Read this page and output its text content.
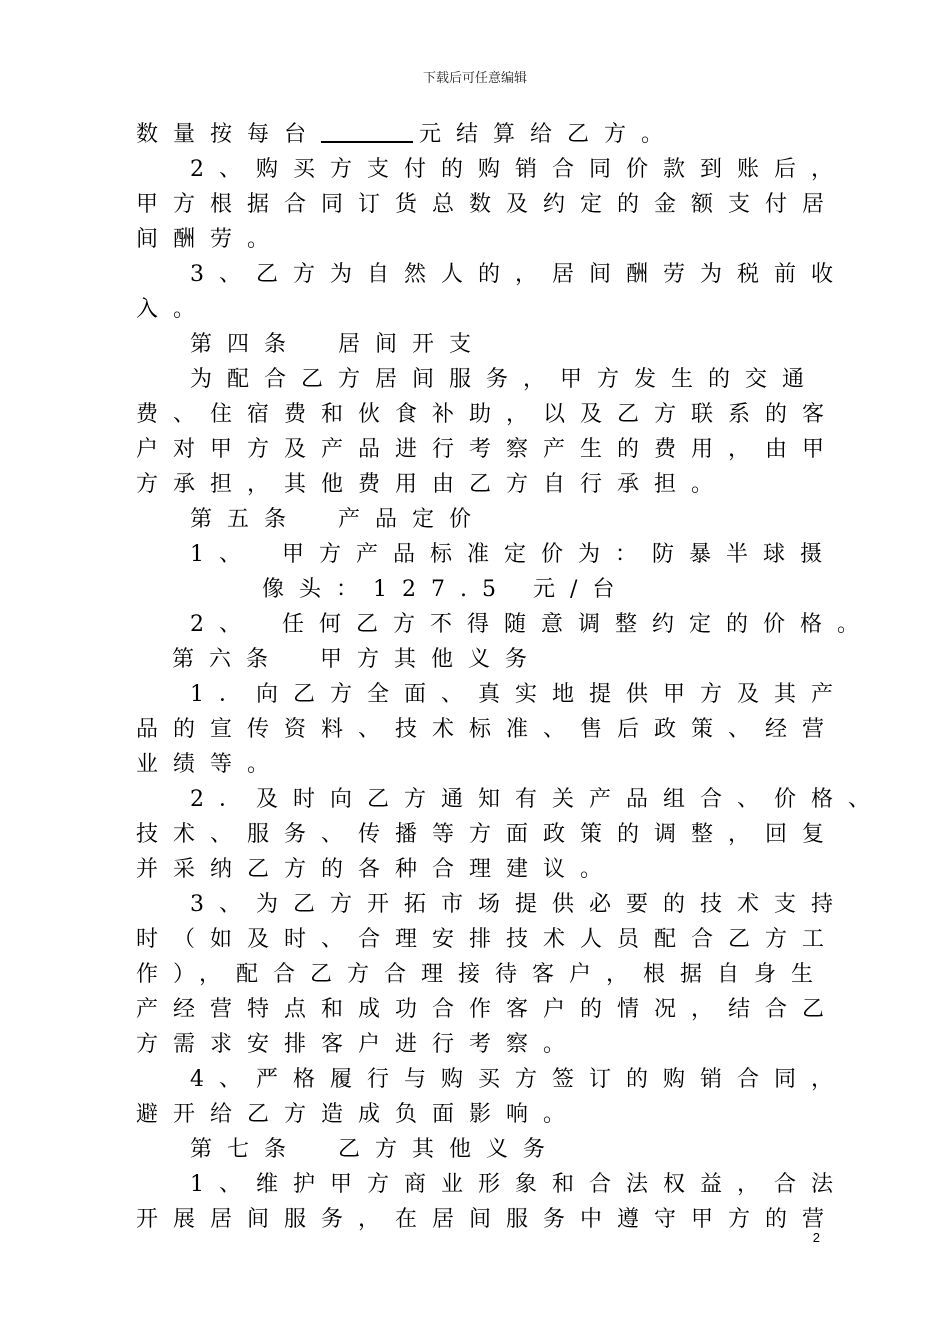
下载后可任意编辑
数量按每台	元结算给乙方。
2、购买方支付的购销合同价款到账后，
甲方根据合同订货总数及约定的金额支付居
间酬劳。
3、乙方为自然人的，居间酬劳为税前收
入。
第四条　居间开支
为配合乙方居间服务，甲方发生的交通
费、住宿费和伙食补助，以及乙方联系的客
户对甲方及产品进行考察产生的费用，由甲
方承担，其他费用由乙方自行承担。
第五条　产品定价
1、　甲方产品标准定价为：防暴半球摄
像头：127.5 元/台
2、　任何乙方不得随意调整约定的价格。
第六条　甲方其他义务
1．向乙方全面、真实地提供甲方及其产
品的宣传资料、技术标准、售后政策、经营
业绩等。
2．及时向乙方通知有关产品组合、价格、
技术、服务、传播等方面政策的调整，回复
并采纳乙方的各种合理建议。
3、为乙方开拓市场提供必要的技术支持
时（如及时、合理安排技术人员配合乙方工
作），配合乙方合理接待客户，根据自身生
产经营特点和成功合作客户的情况，结合乙
方需求安排客户进行考察。
4、严格履行与购买方签订的购销合同，
避开给乙方造成负面影响。
第七条　乙方其他义务
1、维护甲方商业形象和合法权益，合法
开展居间服务，在居间服务中遵守甲方的营
2
